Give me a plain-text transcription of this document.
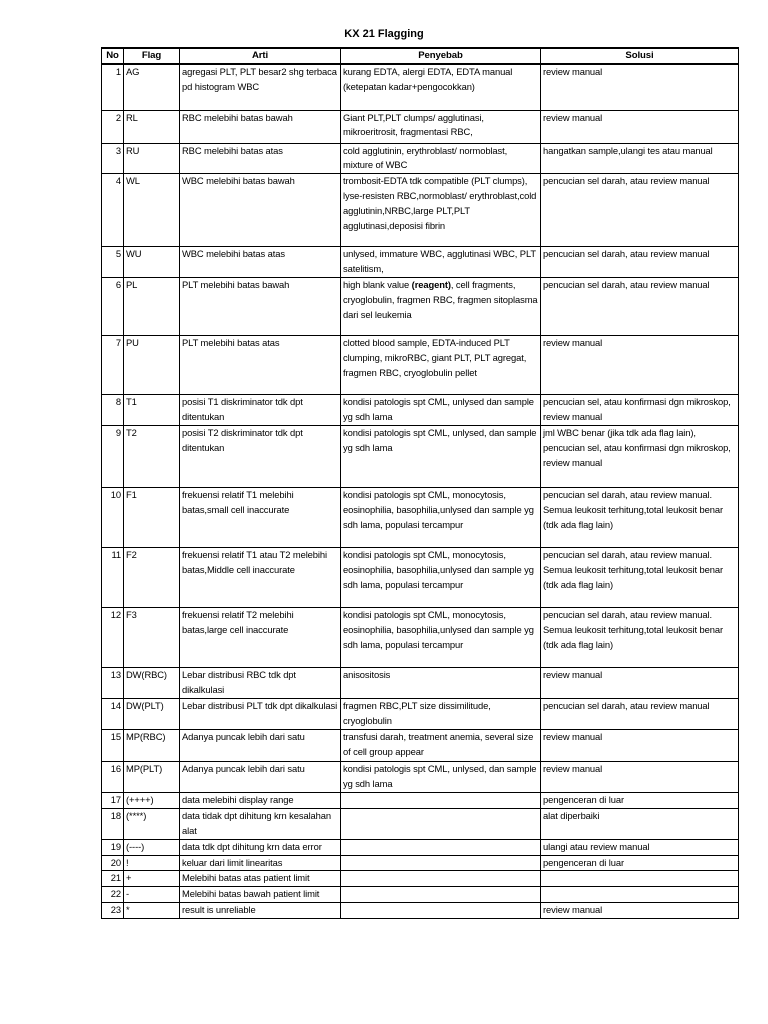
KX 21 Flagging
No	Flag	Arti	Penyebab	Solusi
1	AG	agregasi PLT, PLT besar2 shg terbaca pd histogram WBC	kurang EDTA, alergi EDTA, EDTA manual (ketepatan kadar+pengocokkan)	review manual
2	RL	RBC melebihi batas bawah	Giant PLT,PLT clumps/ agglutinasi, mikroeritrosit, fragmentasi RBC,	review manual
3	RU	RBC melebihi batas atas	cold agglutinin, erythroblast/ normoblast, mixture of WBC	hangatkan sample,ulangi tes atau manual
4	WL	WBC melebihi batas bawah	trombosit-EDTA tdk compatible (PLT clumps), lyse-resisten RBC,normoblast/ erythroblast,cold agglutinin,NRBC,large PLT,PLT agglutinasi,deposisi fibrin	pencucian sel darah, atau review manual
5	WU	WBC melebihi batas atas	unlysed, immature WBC, agglutinasi WBC, PLT satelitism,	pencucian sel darah, atau review manual
6	PL	PLT melebihi batas bawah	high blank value (reagent), cell fragments, cryoglobulin, fragmen RBC, fragmen sitoplasma dari sel leukemia	pencucian sel darah, atau review manual
7	PU	PLT melebihi batas atas	clotted blood sample, EDTA-induced PLT clumping, mikroRBC, giant PLT, PLT agregat, fragmen RBC, cryoglobulin pellet	review manual
8	T1	posisi T1 diskriminator tdk dpt ditentukan	kondisi patologis spt CML, unlysed dan sample yg sdh lama	pencucian sel, atau konfirmasi dgn mikroskop, review manual
9	T2	posisi T2 diskriminator tdk dpt ditentukan	kondisi patologis spt CML, unlysed, dan sample yg sdh lama	jml WBC benar (jika tdk ada flag lain), pencucian sel, atau konfirmasi dgn mikroskop, review manual
10	F1	frekuensi relatif T1 melebihi batas,small cell inaccurate	kondisi patologis spt CML, monocytosis, eosinophilia, basophilia,unlysed dan sample yg sdh lama, populasi tercampur	pencucian sel darah, atau review manual. Semua leukosit terhitung,total leukosit benar (tdk ada flag lain)
11	F2	frekuensi relatif T1 atau T2 melebihi batas,Middle cell inaccurate	kondisi patologis spt CML, monocytosis, eosinophilia, basophilia,unlysed dan sample yg sdh lama, populasi tercampur	pencucian sel darah, atau review manual. Semua leukosit terhitung,total leukosit benar (tdk ada flag lain)
12	F3	frekuensi relatif T2 melebihi batas,large cell inaccurate	kondisi patologis spt CML, monocytosis, eosinophilia, basophilia,unlysed dan sample yg sdh lama, populasi tercampur	pencucian sel darah, atau review manual. Semua leukosit terhitung,total leukosit benar (tdk ada flag lain)
13	DW(RBC)	Lebar distribusi RBC tdk dpt dikalkulasi	anisositosis	review manual
14	DW(PLT)	Lebar distribusi PLT tdk dpt dikalkulasi	fragmen RBC,PLT size dissimilitude, cryoglobulin	pencucian sel darah, atau review manual
15	MP(RBC)	Adanya puncak lebih dari satu	transfusi darah, treatment anemia, several size of cell group appear	review manual
16	MP(PLT)	Adanya puncak lebih dari satu	kondisi patologis spt CML, unlysed, dan sample yg sdh lama	review manual
17	(++++)	data melebihi display range		pengenceran di luar
18	(****)	data tidak dpt dihitung krn kesalahan alat		alat diperbaiki
19	(----)	data tdk dpt dihitung krn data error		ulangi atau review manual
20	!	keluar dari limit linearitas		pengenceran di luar
21	+	Melebihi batas atas patient limit		
22	-	Melebihi batas bawah patient limit		
23	*	result is unreliable		review manual
